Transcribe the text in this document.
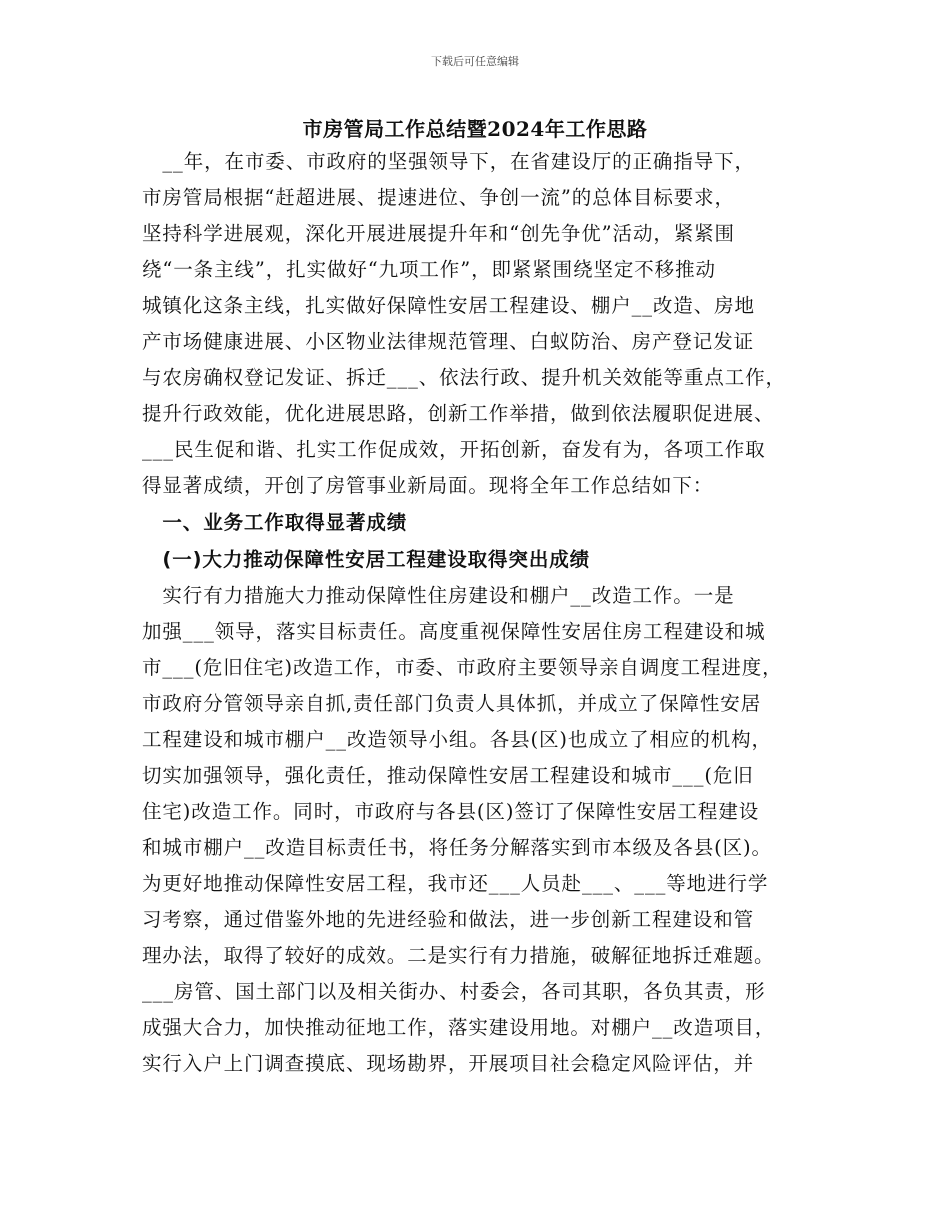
下载后可任意编辑
市房管局工作总结暨2024年工作思路
　__年，在市委、市政府的坚强领导下，在省建设厅的正确指导下，
市房管局根据“赶超进展、提速进位、争创一流”的总体目标要求，
坚持科学进展观，深化开展进展提升年和“创先争优”活动，紧紧围
绕“一条主线”，扎实做好“九项工作”，即紧紧围绕坚定不移推动
城镇化这条主线，扎实做好保障性安居工程建设、棚户__改造、房地
产市场健康进展、小区物业法律规范管理、白蚁防治、房产登记发证
与农房确权登记发证、拆迁___、依法行政、提升机关效能等重点工作，
提升行政效能，优化进展思路，创新工作举措，做到依法履职促进展、
___民生促和谐、扎实工作促成效，开拓创新，奋发有为，各项工作取
得显著成绩，开创了房管事业新局面。现将全年工作总结如下：
　一、业务工作取得显著成绩
　(一)大力推动保障性安居工程建设取得突出成绩
　实行有力措施大力推动保障性住房建设和棚户__改造工作。一是
加强___领导，落实目标责任。高度重视保障性安居住房工程建设和城
市___(危旧住宅)改造工作，市委、市政府主要领导亲自调度工程进度，
市政府分管领导亲自抓,责任部门负责人具体抓，并成立了保障性安居
工程建设和城市棚户__改造领导小组。各县(区)也成立了相应的机构，
切实加强领导，强化责任，推动保障性安居工程建设和城市___(危旧
住宅)改造工作。同时，市政府与各县(区)签订了保障性安居工程建设
和城市棚户__改造目标责任书，将任务分解落实到市本级及各县(区)。
为更好地推动保障性安居工程，我市还___人员赴___、___等地进行学
习考察，通过借鉴外地的先进经验和做法，进一步创新工程建设和管
理办法，取得了较好的成效。二是实行有力措施，破解征地拆迁难题。
___房管、国土部门以及相关街办、村委会，各司其职，各负其责，形
成强大合力，加快推动征地工作，落实建设用地。对棚户__改造项目，
实行入户上门调查摸底、现场勘界，开展项目社会稳定风险评估，并
